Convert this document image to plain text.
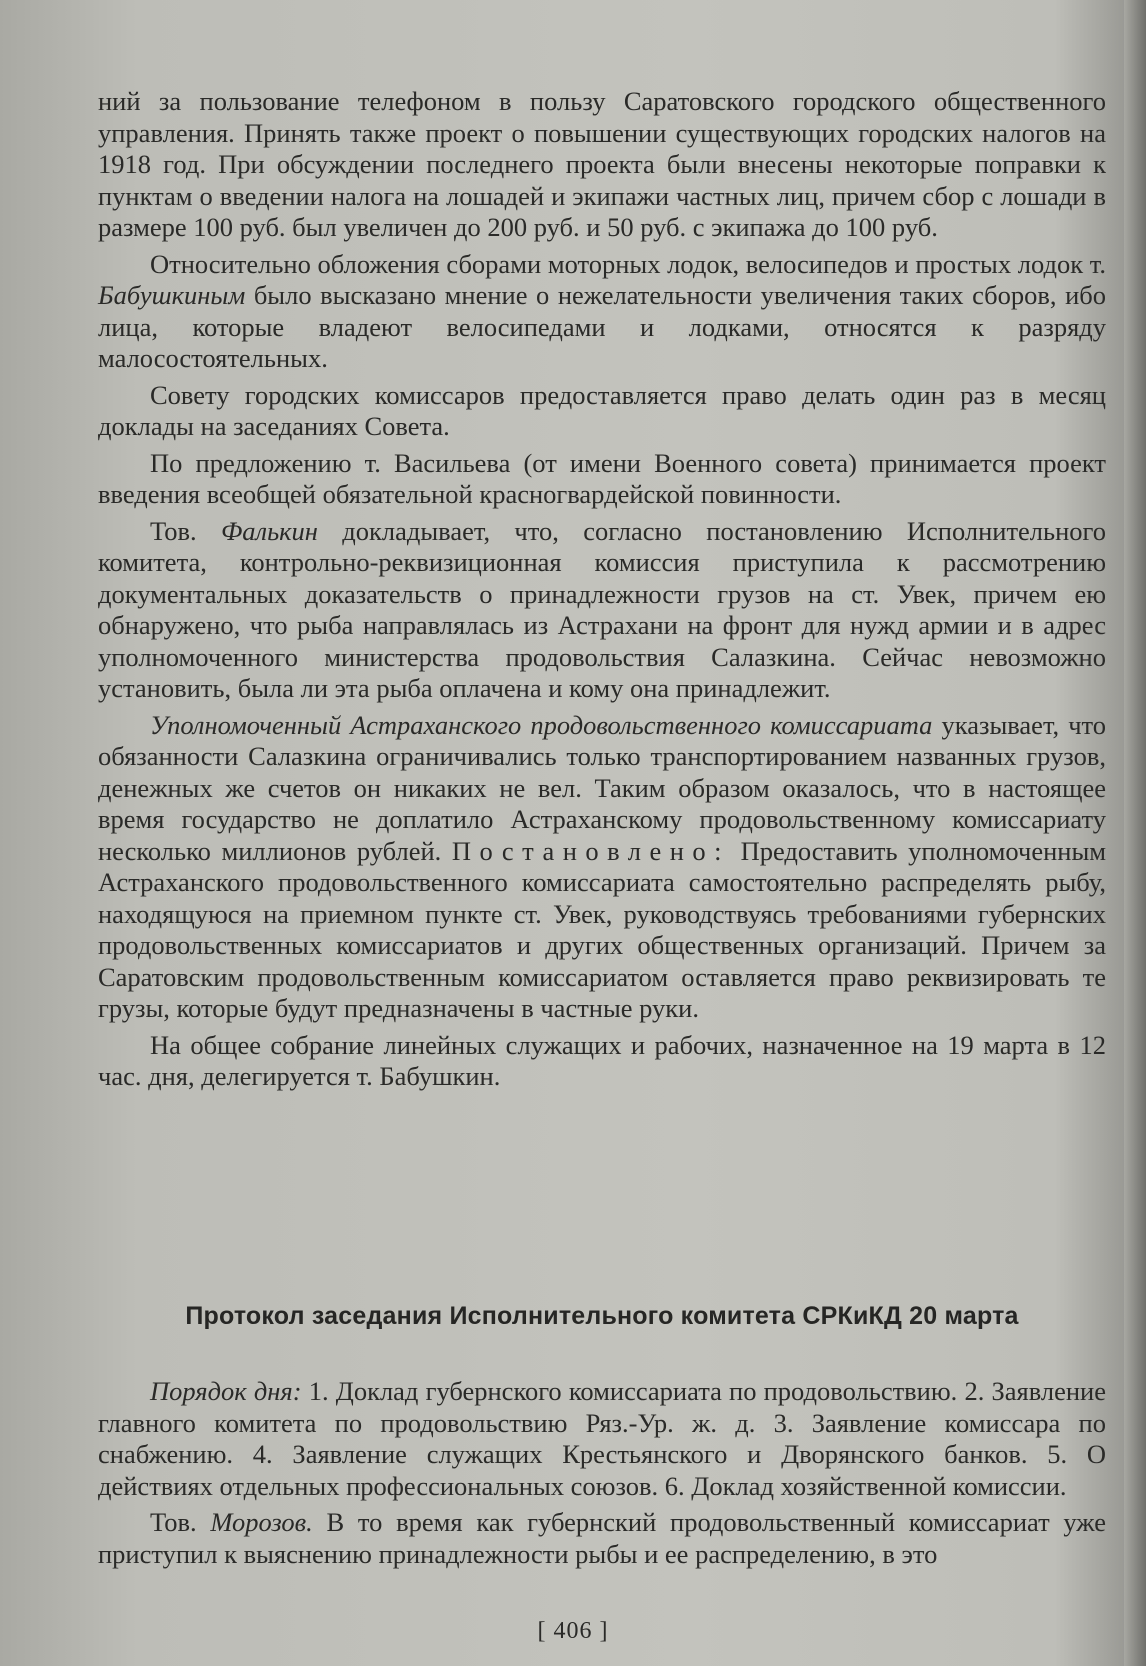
ний за пользование телефоном в пользу Саратовского городского общественного управления. Принять также проект о повышении существующих городских налогов на 1918 год. При обсуждении последнего проекта были внесены некоторые поправки к пунктам о введении налога на лошадей и экипажи частных лиц, причем сбор с лошади в размере 100 руб. был увеличен до 200 руб. и 50 руб. с экипажа до 100 руб.

Относительно обложения сборами моторных лодок, велосипедов и простых лодок т. Бабушкиным было высказано мнение о нежелательности увеличения таких сборов, ибо лица, которые владеют велосипедами и лодками, относятся к разряду малосостоятельных.

Совету городских комиссаров предоставляется право делать один раз в месяц доклады на заседаниях Совета.

По предложению т. Васильева (от имени Военного совета) принимается проект введения всеобщей обязательной красногвардейской повинности.

Тов. Фалькин докладывает, что, согласно постановлению Исполнительного комитета, контрольно-реквизиционная комиссия приступила к рассмотрению документальных доказательств о принадлежности грузов на ст. Увек, причем ею обнаружено, что рыба направлялась из Астрахани на фронт для нужд армии и в адрес уполномоченного министерства продовольствия Салазкина. Сейчас невозможно установить, была ли эта рыба оплачена и кому она принадлежит.

Уполномоченный Астраханского продовольственного комиссариата указывает, что обязанности Салазкина ограничивались только транспортированием названных грузов, денежных же счетов он никаких не вел. Таким образом оказалось, что в настоящее время государство не доплатило Астраханскому продовольственному комиссариату несколько миллионов рублей. Постановлено: Предоставить уполномоченным Астраханского продовольственного комиссариата самостоятельно распределять рыбу, находящуюся на приемном пункте ст. Увек, руководствуясь требованиями губернских продовольственных комиссариатов и других общественных организаций. Причем за Саратовским продовольственным комиссариатом оставляется право реквизировать те грузы, которые будут предназначены в частные руки.

На общее собрание линейных служащих и рабочих, назначенное на 19 марта в 12 час. дня, делегируется т. Бабушкин.

Протокол заседания Исполнительного комитета СРКиКД 20 марта

Порядок дня: 1. Доклад губернского комиссариата по продовольствию. 2. Заявление главного комитета по продовольствию Ряз.-Ур. ж. д. 3. Заявление комиссара по снабжению. 4. Заявление служащих Крестьянского и Дворянского банков. 5. О действиях отдельных профессиональных союзов. 6. Доклад хозяйственной комиссии.

Тов. Морозов. В то время как губернский продовольственный комиссариат уже приступил к выяснению принадлежности рыбы и ее распределению, в это

[ 406 ]
